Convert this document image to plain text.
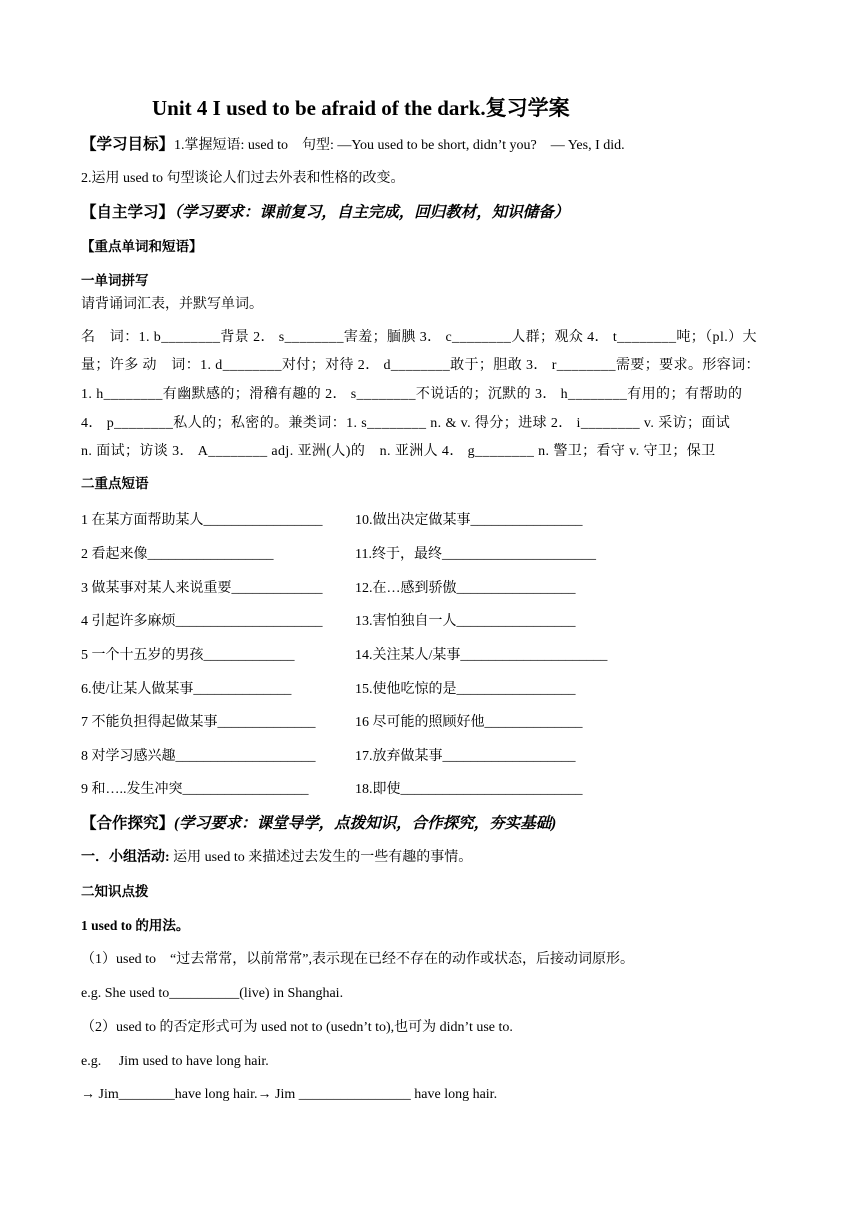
Unit 4 I used to be afraid of the dark.复习学案
【学习目标】1.掌握短语: used to　句型: —You used to be short, didn’t you?　— Yes, I did.
2.运用 used to 句型谈论人们过去外表和性格的改变。
【自主学习】（学习要求：课前复习，自主完成，回归教材，知识储备）
【重点单词和短语】
一单词拼写
请背诵词汇表，并默写单词。
名　词：1. b________背景 2． s________害羞；腼腆 3． c________人群；观众 4． t________吨；（pl.）大
量；许多 动　词：1. d________对付；对待 2． d________敢于；胆敢 3． r________需要；要求。形容词：
1. h________有幽默感的；滑稽有趣的 2． s________不说话的；沉默的 3． h________有用的；有帮助的
4． p________私人的；私密的。兼类词：1. s________ n. & v. 得分；进球 2． i________ v. 采访；面试
n. 面试；访谈 3． A________ adj. 亚洲(人)的　n. 亚洲人 4． g________ n. 警卫；看守 v. 守卫；保卫
二重点短语
1 在某方面帮助某人_________________
2 看起来像__________________
3 做某事对某人来说重要_____________
4 引起许多麻烦_____________________
5 一个十五岁的男孩_____________
6.使/让某人做某事______________
7 不能负担得起做某事______________
8 对学习感兴趣____________________
9 和…..发生冲突__________________
10.做出决定做某事________________
11.终于，最终______________________
12.在…感到骄傲_________________
13.害怕独自一人_________________
14.关注某人/某事_____________________
15.使他吃惊的是_________________
16 尽可能的照顾好他______________
17.放弃做某事___________________
18.即使__________________________
【合作探究】(学习要求：课堂导学，点拨知识，合作探究，夯实基础)
一．小组活动: 运用 used to 来描述过去发生的一些有趣的事情。
二知识点拨
1 used to 的用法。
（1）used to　“过去常常，以前常常”,表示现在已经不存在的动作或状态，后接动词原形。
e.g. She used to__________(live) in Shanghai.
（2）used to 的否定形式可为 used not to (usedn’t to),也可为 didn’t use to.
e.g.　 Jim used to have long hair.
→ Jim________have long hair.→ Jim ________________ have long hair.
